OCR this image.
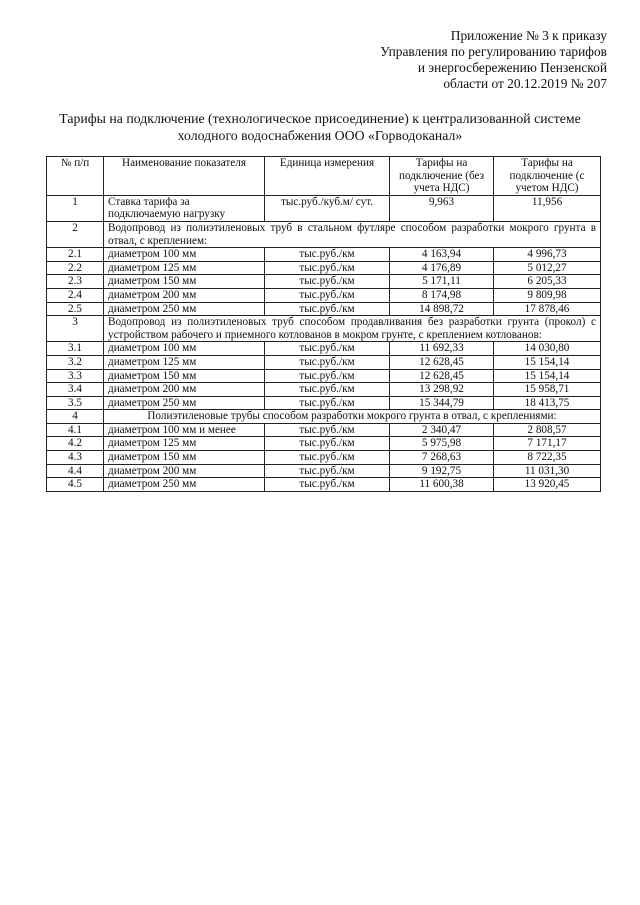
Приложение № 3 к приказу
Управления по регулированию тарифов
и энергосбережению Пензенской
области от 20.12.2019 № 207
Тарифы на подключение (технологическое присоединение) к централизованной системе
холодного водоснабжения ООО «Горводоканал»
№ п/п	Наименование показателя	Единица измерения	Тарифы на подключение (без учета НДС)	Тарифы на подключение (с учетом НДС)
1	Ставка тарифа за подключаемую нагрузку	тыс.руб./куб.м/ сут.	9,963	11,956
2	Водопровод из полиэтиленовых труб в стальном футляре способом разработки мокрого грунта в отвал, с креплением:			
2.1	диаметром 100 мм	тыс.руб./км	4 163,94	4 996,73
2.2	диаметром 125 мм	тыс.руб./км	4 176,89	5 012,27
2.3	диаметром 150 мм	тыс.руб./км	5 171,11	6 205,33
2.4	диаметром 200 мм	тыс.руб./км	8 174,98	9 809,98
2.5	диаметром 250 мм	тыс.руб./км	14 898,72	17 878,46
3	Водопровод из полиэтиленовых труб способом продавливания без разработки грунта (прокол) с устройством рабочего и приемного котлованов в мокром грунте, с креплением котлованов:			
3.1	диаметром 100 мм	тыс.руб./км	11 692,33	14 030,80
3.2	диаметром 125 мм	тыс.руб./км	12 628,45	15 154,14
3.3	диаметром 150 мм	тыс.руб./км	12 628,45	15 154,14
3.4	диаметром 200 мм	тыс.руб./км	13 298,92	15 958,71
3.5	диаметром 250 мм	тыс.руб./км	15 344,79	18 413,75
4	Полиэтиленовые трубы способом разработки мокрого грунта в отвал, с креплениями:			
4.1	диаметром 100 мм и менее	тыс.руб./км	2 340,47	2 808,57
4.2	диаметром 125 мм	тыс.руб./км	5 975,98	7 171,17
4.3	диаметром 150 мм	тыс.руб./км	7 268,63	8 722,35
4.4	диаметром 200 мм	тыс.руб./км	9 192,75	11 031,30
4.5	диаметром 250 мм	тыс.руб./км	11 600,38	13 920,45
